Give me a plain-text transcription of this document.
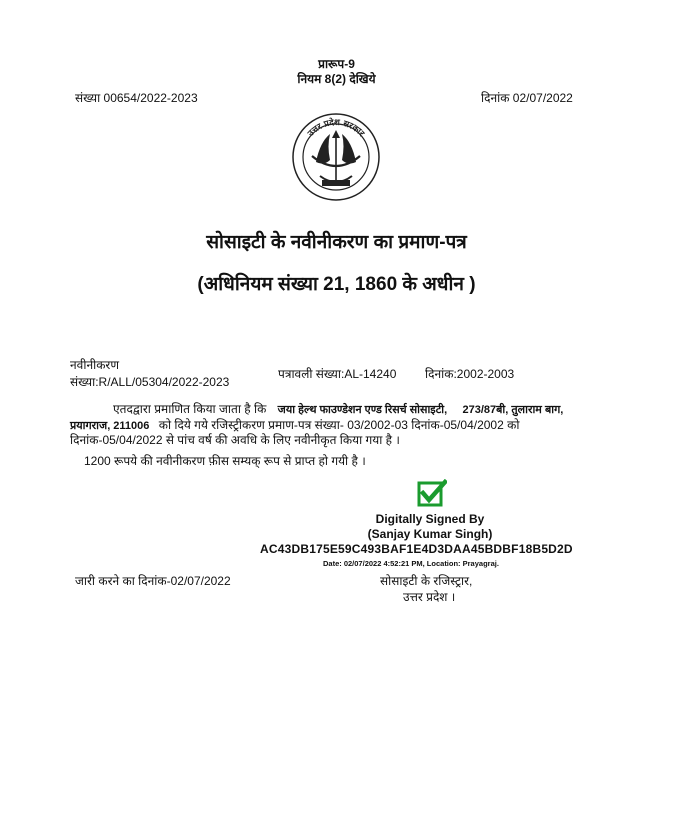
प्रारूप-9
नियम 8(2) देखिये
संख्या 00654/2022-2023	दिनांक 02/07/2022
उत्तर प्रदेश सरकार
सोसाइटी के नवीनीकरण का प्रमाण-पत्र
(अधिनियम संख्या 21, 1860 के अधीन )
नवीनीकरण
संख्या:R/ALL/05304/2022-2023
पत्रावली संख्या:AL-14240 दिनांक:2002-2003
एतदद्वारा प्रमाणित किया जाता है कि जया हेल्थ फाउण्डेशन एण्ड रिसर्च सोसाइटी, 273/87बी, तुलाराम बाग,
प्रयागराज, 211006 को दिये गये रजिस्ट्रीकरण प्रमाण-पत्र संख्या- 03/2002-03 दिनांक-05/04/2002 को
दिनांक-05/04/2022 से पांच वर्ष की अवधि के लिए नवीनीकृत किया गया है ।
1200 रूपये की नवीनीकरण फ़ीस सम्यक् रूप से प्राप्त हो गयी है ।
Digitally Signed By
(Sanjay Kumar Singh)
AC43DB175E59C493BAF1E4D3DAA45BDBF18B5D2D
Date: 02/07/2022 4:52:21 PM, Location: Prayagraj.
जारी करने का दिनांक-02/07/2022	सोसाइटी के रजिस्ट्रार,
उत्तर प्रदेश ।
